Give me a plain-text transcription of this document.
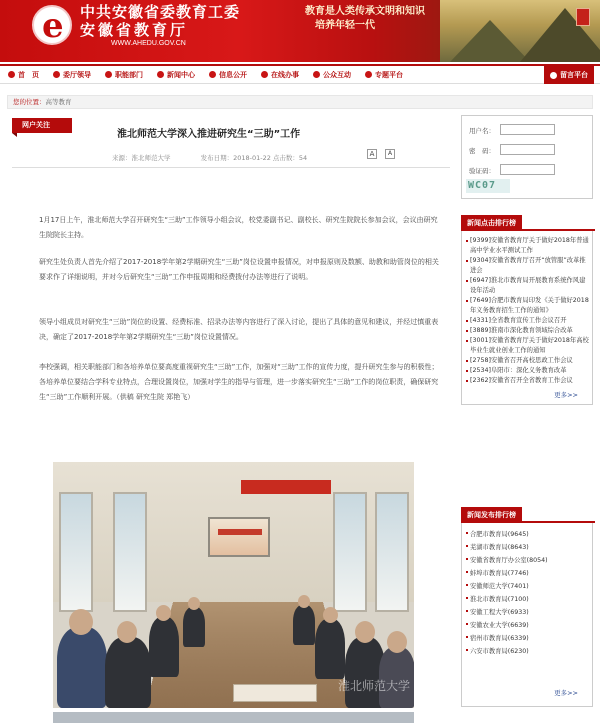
e 中共安徽省委教育工委
安徽省教育厅
WWW.AHEDU.GOV.CN
教育是人类传承文明和知识
培养年轻一代
首　页	委厅领导	职能部门	新闻中心	信息公开	在线办事	公众互动	专题平台	留言平台
您的位置：高等教育
网户关注
淮北师范大学深入推进研究生“三助”工作
来源：淮北师范大学	发布日期：2018-01-22 点击数：54	A	A

1月17日上午，淮北师范大学召开研究生“三助”工作领导小组会议，校党委副书记、副校长、研究生院院长参加会议，会议由研究生院院长主持。

研究生处负责人首先介绍了2017-2018学年第2学期研究生“三助”岗位设置申报情况，对申报原则及数额、助教和助管岗位的相关要求作了详细说明，并对今后研究生“三助”工作申报周期和经费拨付办法等进行了说明。

领导小组成员对研究生“三助”岗位的设置、经费标准、招录办法等内容进行了深入讨论，提出了具体的意见和建议，并经过慎重表决，确定了2017-2018学年第2学期研究生“三助”岗位设置情况。

李校强调，相关职能部门和各培养单位要高度重视研究生“三助”工作，加强对“三助”工作的宣传力度，提升研究生参与的积极性；各培养单位要结合学科专业特点，合理设置岗位，加强对学生的指导与管理，进一步落实研究生“三助”工作的岗位职责，确保研究生“三助”工作顺利开展。（供稿 研究生院 郑艳飞）

淮北师范大学
用户名：
密　码：
验证码：
WC07
新闻点击排行榜
[9399]安徽省教育厅关于做好2018年普通高中学业水平测试工作
[9304]安徽省教育厅召开“放管服”改革推进会
[6947]淮北市教育局开展教育系统作风建设年活动
[7649]合肥市教育局印发《关于做好2018年义务教育招生工作的通知》
[4331]全省教育宣传工作会议召开
[3889]淮南市深化教育领域综合改革
[3001]安徽省教育厅关于做好2018年高校毕业生就业创业工作的通知
[2758]安徽省召开高校思政工作会议
[2534]阜阳市：深化义务教育改革
[2362]安徽省召开全省教育工作会议
更多>>
新闻发布排行榜
合肥市教育局(9645)
芜湖市教育局(8643)
安徽省教育厅办公室(8054)
蚌埠市教育局(7746)
安徽师范大学(7401)
淮北市教育局(7100)
安徽工程大学(6933)
安徽农业大学(6639)
宿州市教育局(6339)
六安市教育局(6230)
更多>>
